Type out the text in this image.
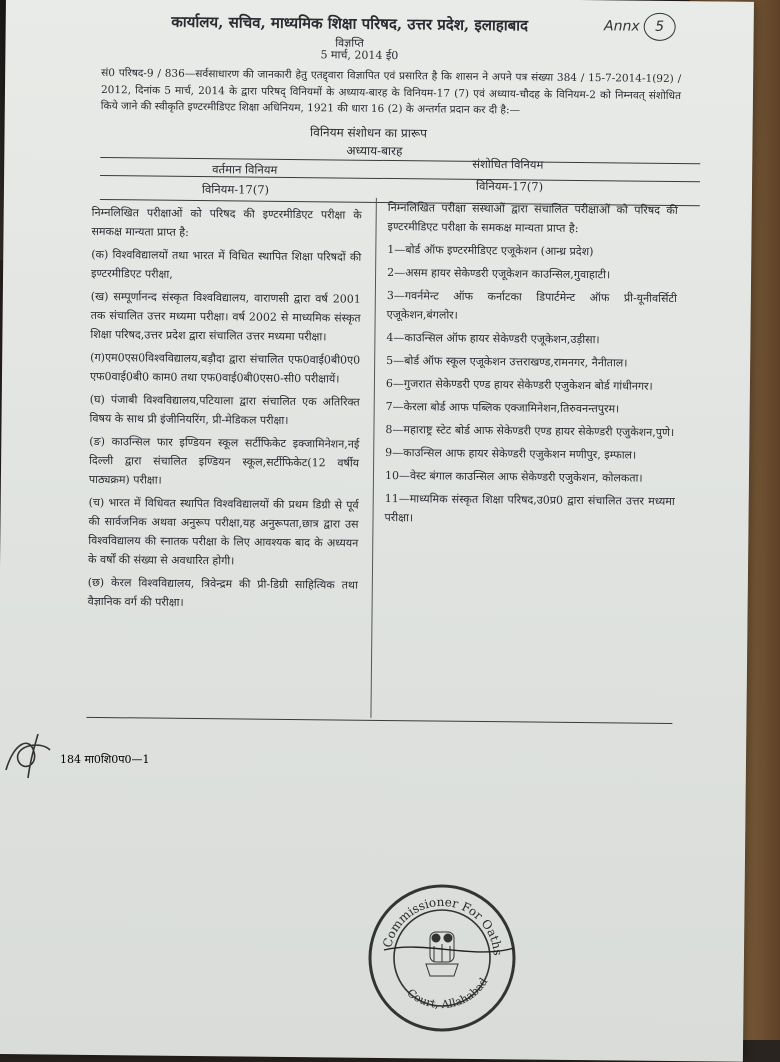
कार्यालय, सचिव, माध्यमिक शिक्षा परिषद, उत्तर प्रदेश, इलाहाबाद
विज्ञप्ति
5 मार्च, 2014 ई0
Annx 5
सं0 परिषद-9 / 836—सर्वसाधारण की जानकारी हेतु एतद्द्वारा विज्ञापित एवं प्रसारित है कि शासन ने अपने पत्र संख्या 384 / 15-7-2014-1(92) / 2012, दिनांक 5 मार्च, 2014 के द्वारा परिषद् विनियमों के अध्याय-बारह के विनियम-17 (7) एवं अध्याय-चौदह के विनियम-2 को निम्नवत् संशोधित किये जाने की स्वीकृति इण्टरमीडिएट शिक्षा अधिनियम, 1921 की धारा 16 (2) के अन्तर्गत प्रदान कर दी है:—
विनियम संशोधन का प्रारूप
अध्याय-बारह
वर्तमान विनियम	संशोधित विनियम
विनियम-17(7)	विनियम-17(7)

निम्नलिखित परीक्षाओं को परिषद की इण्टरमीडिएट परीक्षा के समकक्ष मान्यता प्राप्त है:

(क) विश्वविद्यालयों तथा भारत में विधित स्थापित शिक्षा परिषदों की इण्टरमीडिएट परीक्षा,

(ख) सम्पूर्णानन्द संस्कृत विश्वविद्यालय, वाराणसी द्वारा वर्ष 2001 तक संचालित उत्तर मध्यमा परीक्षा। वर्ष 2002 से माध्यमिक संस्कृत शिक्षा परिषद,उत्तर प्रदेश द्वारा संचालित उत्तर मध्यमा परीक्षा।

(ग)एम0एस0विश्वविद्यालय,बड़ौदा द्वारा संचालित एफ0वाई0बी0ए0 एफ0वाई0बी0 काम0 तथा एफ0वाई0बी0एस0-सी0 परीक्षायें।

(घ) पंजाबी विश्वविद्यालय,पटियाला द्वारा संचालित एक अतिरिक्त विषय के साथ प्री इंजीनियरिंग, प्री-मेडिकल परीक्षा।

(ङ) काउन्सिल फार इण्डियन स्कूल सर्टीफिकेट इक्जामिनेशन,नई दिल्ली द्वारा संचालित इण्डियन स्कूल,सर्टीफिकेट(12 वर्षीय पाठ्यक्रम) परीक्षा।

(च) भारत में विधिवत स्थापित विश्वविद्यालयों की प्रथम डिग्री से पूर्व की सार्वजनिक अथवा अनुरूप परीक्षा,यह अनुरूपता,छात्र द्वारा उस विश्वविद्यालय की स्नातक परीक्षा के लिए आवश्यक बाद के अध्ययन के वर्षों की संख्या से अवधारित होगी।

(छ) केरल विश्वविद्यालय, त्रिवेन्द्रम की प्री-डिग्री साहित्यिक तथा वैज्ञानिक वर्ग की परीक्षा।

निम्नलिखित परीक्षा संस्थाओं द्वारा संचालित परीक्षाओं को परिषद की इण्टरमीडिएट परीक्षा के समकक्ष मान्यता प्राप्त है:

1—बोर्ड ऑफ इण्टरमीडिएट एजूकेशन (आन्ध्र प्रदेश)

2—असम हायर सेकेण्डरी एजूकेशन काउन्सिल,गुवाहाटी।

3—गवर्नमेन्ट ऑफ कर्नाटका डिपार्टमेन्ट ऑफ प्री-यूनीवर्सिटी एजूकेशन,बंगलोर।

4—काउन्सिल ऑफ हायर सेकेण्डरी एजूकेशन,उड़ीसा।

5—बोर्ड ऑफ स्कूल एजूकेशन उत्तराखण्ड,रामनगर, नैनीताल।

6—गुजरात सेकेण्डरी एण्ड हायर सेकेण्डरी एजुकेशन बोर्ड गांधीनगर।

7—केरला बोर्ड आफ पब्लिक एक्जामिनेशन,तिरुवनन्तपुरम।

8—महाराष्ट्र स्टेट बोर्ड आफ सेकेण्डरी एण्ड हायर सेकेण्डरी एजुकेशन,पुणे।

9—काउन्सिल आफ हायर सेकेण्डरी एजुकेशन मणीपुर, इम्फाल।

10—वेस्ट बंगाल काउन्सिल आफ सेकेण्डरी एजुकेशन, कोलकता।

11—माध्यमिक संस्कृत शिक्षा परिषद,उ0प्र0 द्वारा संचालित उत्तर मध्यमा परीक्षा।

184 मा0शि0प0—1
Commissioner For Oaths
Court, Allahabad
